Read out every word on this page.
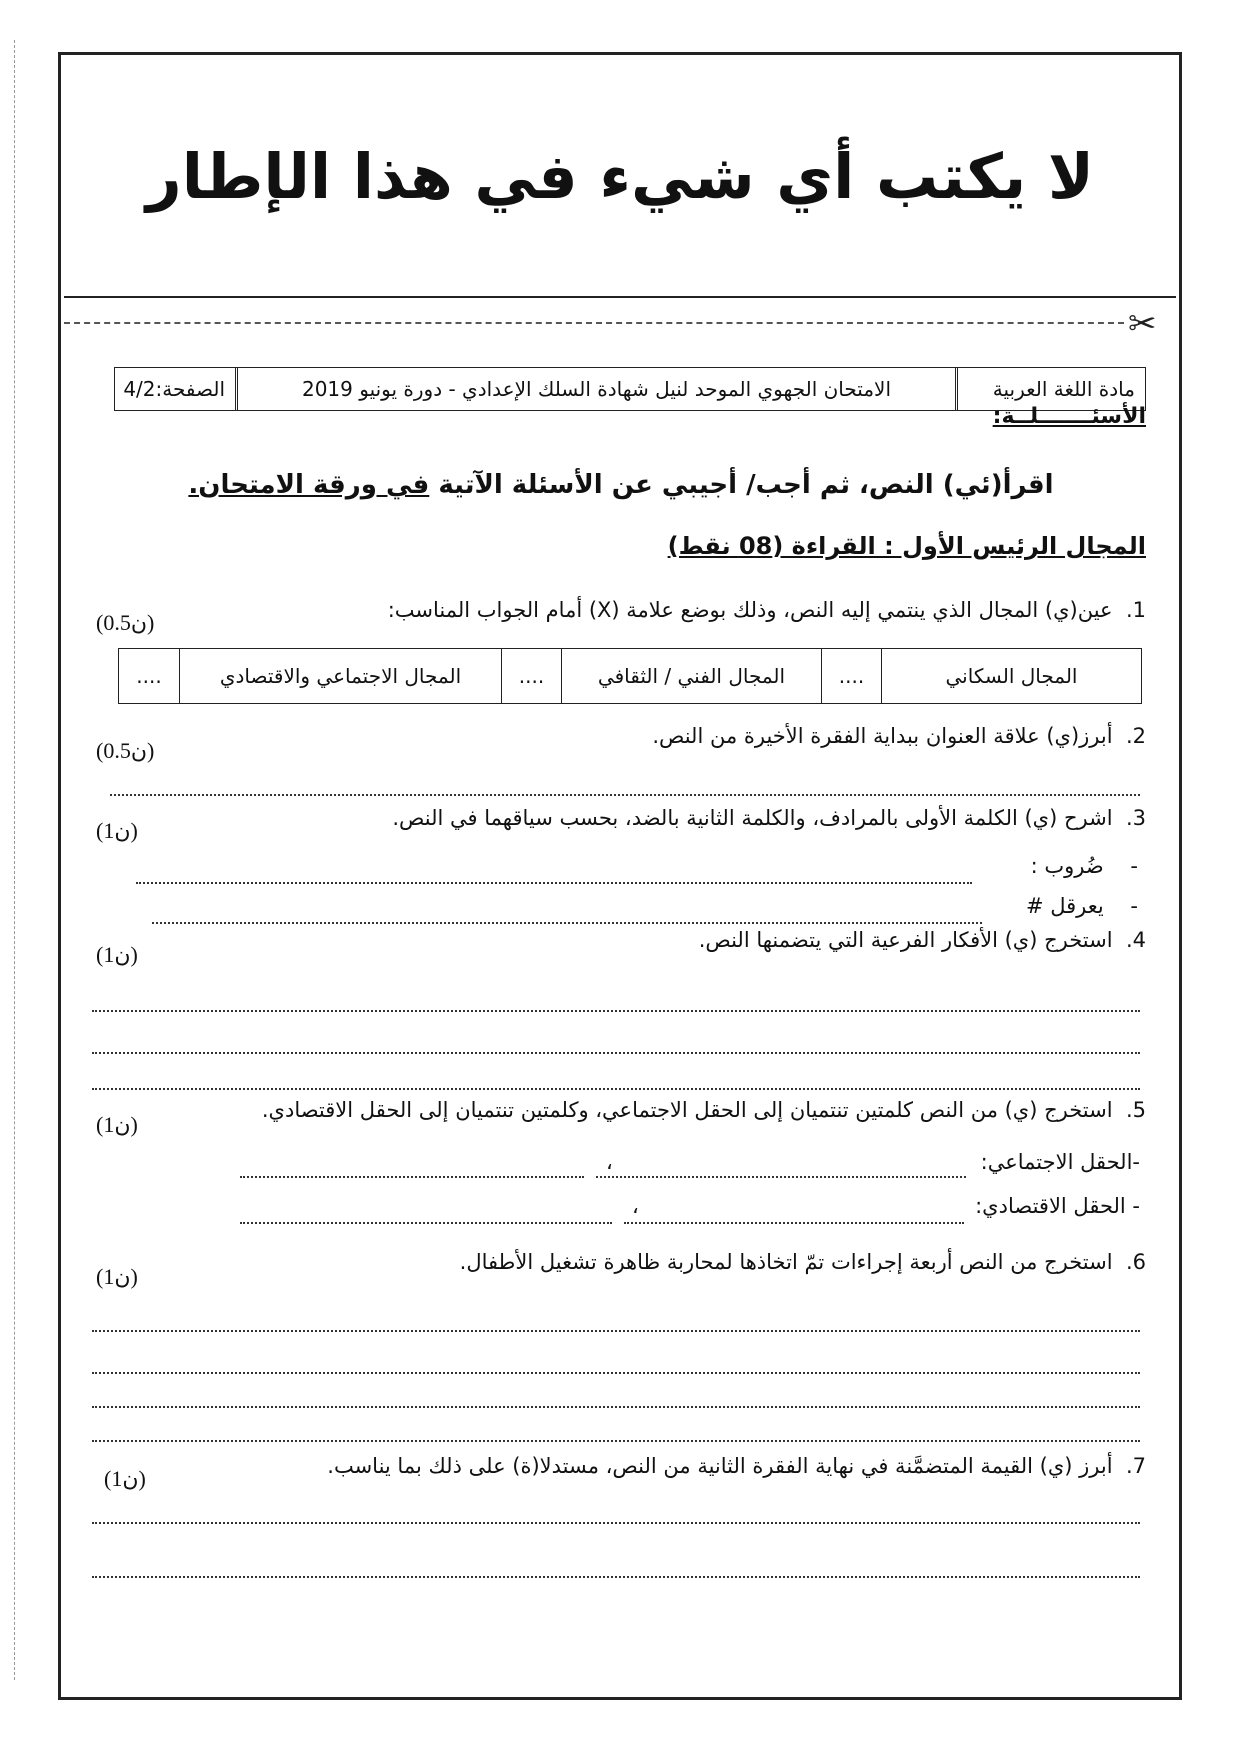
لا يكتب أي شيء في هذا الإطار
✂
مادة اللغة العربية
الامتحان الجهوي الموحد لنيل شهادة السلك الإعدادي - دورة يونيو 2019
الصفحة:4/2
الأسئـــــــلــة:
اقرأ(ئي) النص، ثم أجب/ أجيبي عن الأسئلة الآتية في ورقة الامتحان.
المجال الرئيس الأول : القراءة (08 نقط)
1.  عين(ي) المجال الذي ينتمي إليه النص، وذلك بوضع علامة (X) أمام الجواب المناسب:
(0.5ن)
المجال السكاني
....
المجال الفني / الثقافي
....
المجال الاجتماعي والاقتصادي
....
2.  أبرز(ي) علاقة العنوان ببداية الفقرة الأخيرة من النص.
(0.5ن)
3.  اشرح (ي) الكلمة الأولى بالمرادف، والكلمة الثانية بالضد، بحسب سياقهما في النص.
(1ن)
-    ضُروب :
-    يعرقل #
4.  استخرج (ي) الأفكار الفرعية التي يتضمنها النص.
(1ن)
5.  استخرج (ي) من النص كلمتين تنتميان إلى الحقل الاجتماعي، وكلمتين تنتميان إلى الحقل الاقتصادي.
(1ن)
-الحقل الاجتماعي:
،
- الحقل الاقتصادي:
،
6.  استخرج من النص أربعة إجراءات تمّ اتخاذها لمحاربة ظاهرة تشغيل الأطفال.
(1ن)
7.  أبرز (ي) القيمة المتضمَّنة في نهاية الفقرة الثانية من النص، مستدلا(ة) على ذلك بما يناسب.
(1ن)
